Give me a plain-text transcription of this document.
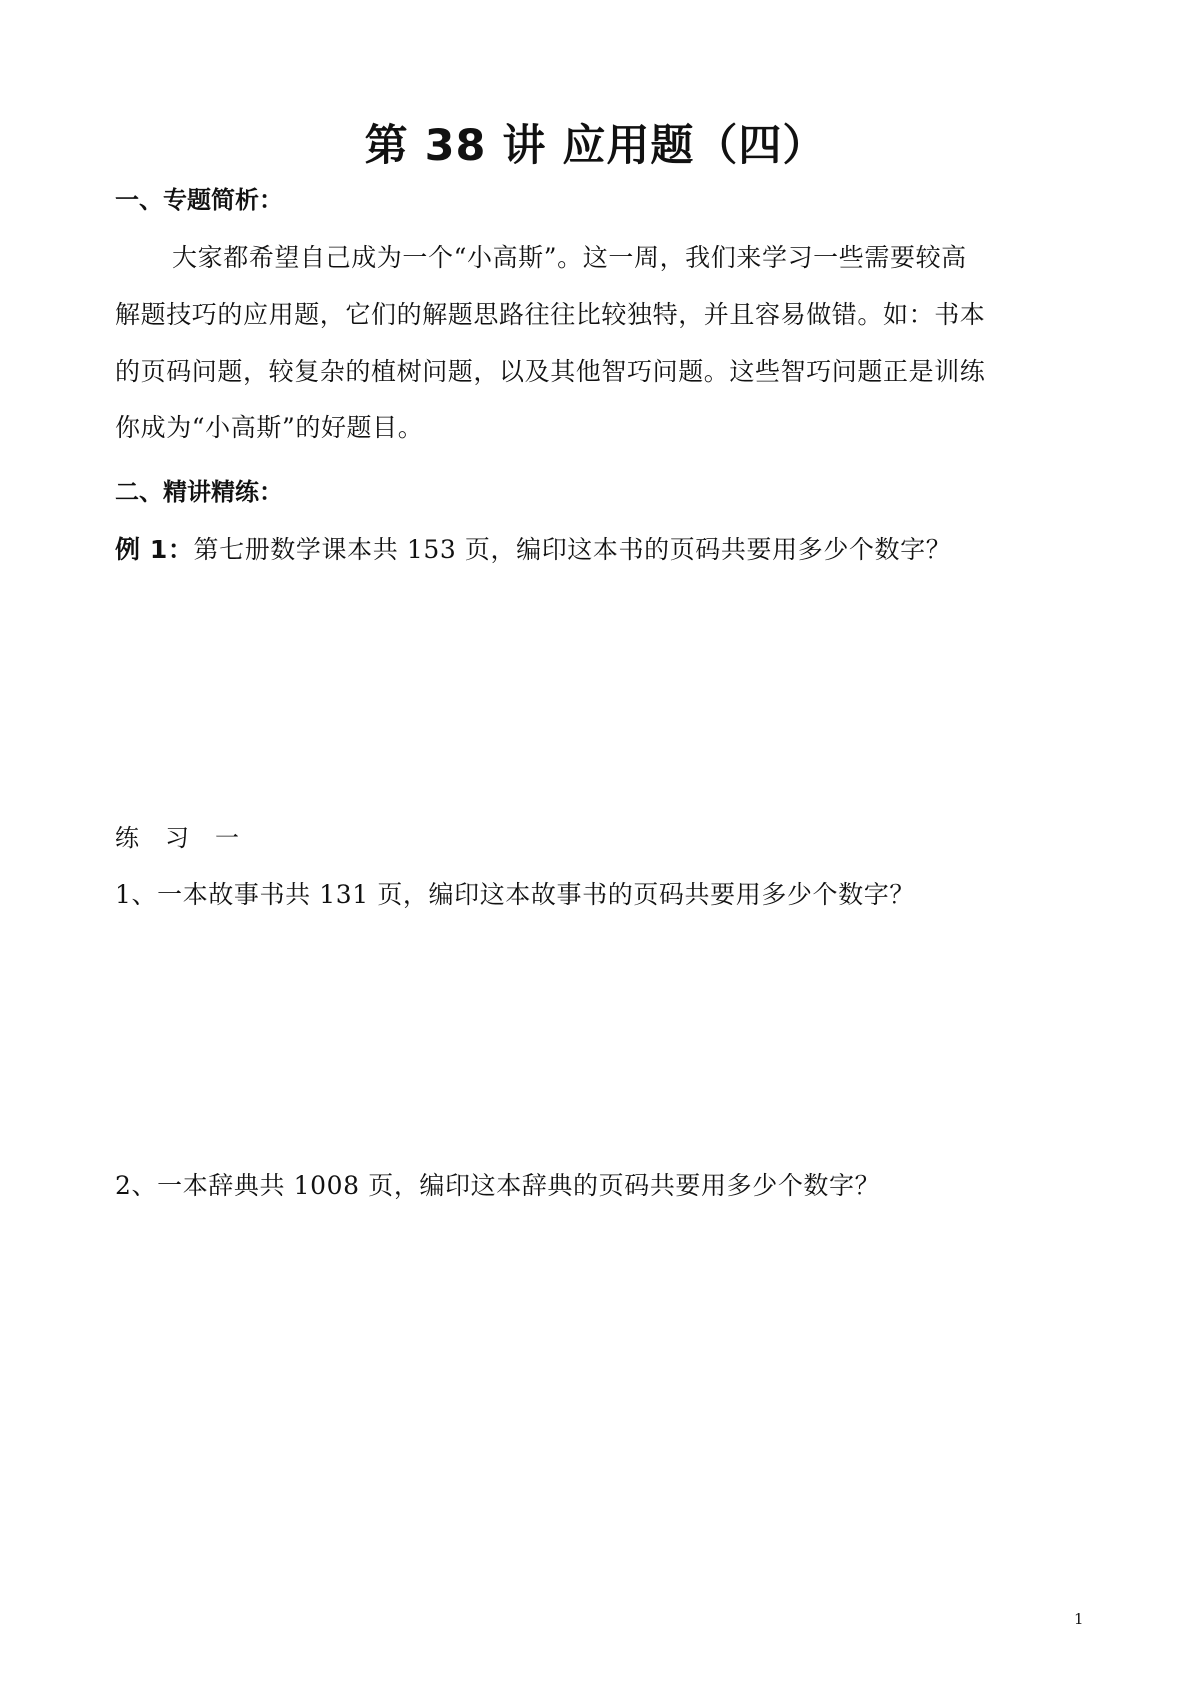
第 38 讲 应用题（四）
一、专题简析：
大家都希望自己成为一个“小高斯”。这一周，我们来学习一些需要较高
解题技巧的应用题，它们的解题思路往往比较独特，并且容易做错。如：书本
的页码问题，较复杂的植树问题，以及其他智巧问题。这些智巧问题正是训练
你成为“小高斯”的好题目。
二、精讲精练：
例 1：第七册数学课本共 153 页，编印这本书的页码共要用多少个数字？
练 习 一
1、一本故事书共 131 页，编印这本故事书的页码共要用多少个数字？
2、一本辞典共 1008 页，编印这本辞典的页码共要用多少个数字？
1
